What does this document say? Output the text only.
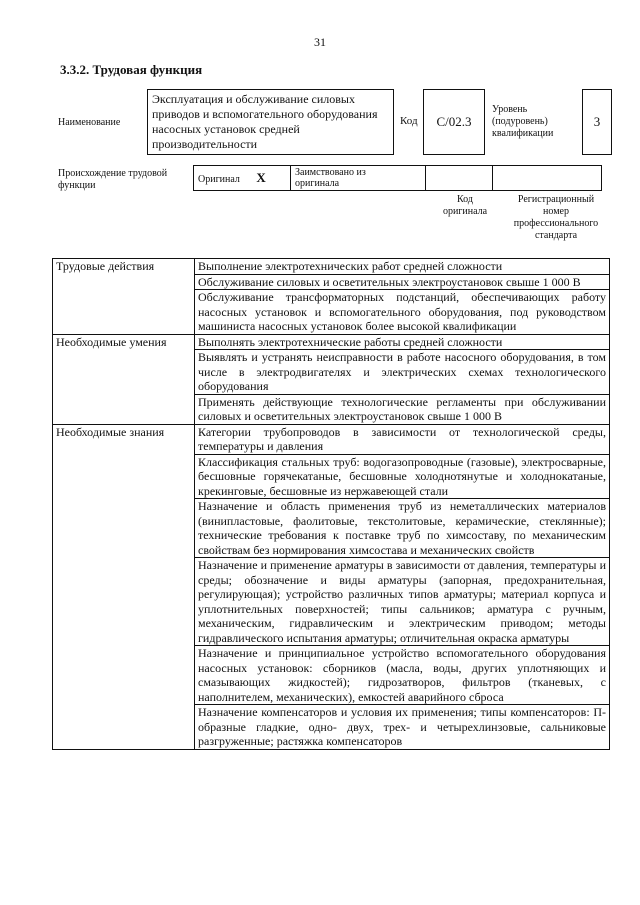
31
3.3.2. Трудовая функция
Наименование
Эксплуатация и обслуживание силовых приводов и вспомогательного оборудования насосных установок средней производительности
Код	C/02.3
Уровень
(подуровень)
квалификации
3
Происхождение трудовой
функции
Оригинал X	Заимствовано из
оригинала

Код
оригинала
Регистрационный
номер
профессионального
стандарта
Трудовые действия	Выполнение электротехнических работ средней сложности
	Обслуживание силовых и осветительных электроустановок свыше 1 000 В
	Обслуживание трансформаторных подстанций, обеспечивающих работу насосных установок и вспомогательного оборудования, под руководством машиниста насосных установок более высокой квалификации
Необходимые умения	Выполнять электротехнические работы средней сложности
	Выявлять и устранять неисправности в работе насосного оборудования, в том числе в электродвигателях и электрических схемах технологического оборудования
	Применять действующие технологические регламенты при обслуживании силовых и осветительных электроустановок свыше 1 000 В
Необходимые знания	Категории трубопроводов в зависимости от технологической среды, температуры и давления
	Классификация стальных труб: водогазопроводные (газовые), электросварные, бесшовные горячекатаные, бесшовные холоднотянутые и холоднокатаные, крекинговые, бесшовные из нержавеющей стали
	Назначение и область применения труб из неметаллических материалов (винипластовые, фаолитовые, текстолитовые, керамические, стеклянные); технические требования к поставке труб по химсоставу, по механическим свойствам без нормирования химсостава и механических свойств
	Назначение и применение арматуры в зависимости от давления, температуры и среды; обозначение и виды арматуры (запорная, предохранительная, регулирующая); устройство различных типов арматуры; материал корпуса и уплотнительных поверхностей; типы сальников; арматура с ручным, механическим, гидравлическим и электрическим приводом; методы гидравлического испытания арматуры; отличительная окраска арматуры
	Назначение и принципиальное устройство вспомогательного оборудования насосных установок: сборников (масла, воды, других уплотняющих и смазывающих жидкостей); гидрозатворов, фильтров (тканевых, с наполнителем, механических), емкостей аварийного сброса
	Назначение компенсаторов и условия их применения; типы компенсаторов: П-образные гладкие, одно- двух, трех- и четырехлинзовые, сальниковые разгруженные; растяжка компенсаторов
